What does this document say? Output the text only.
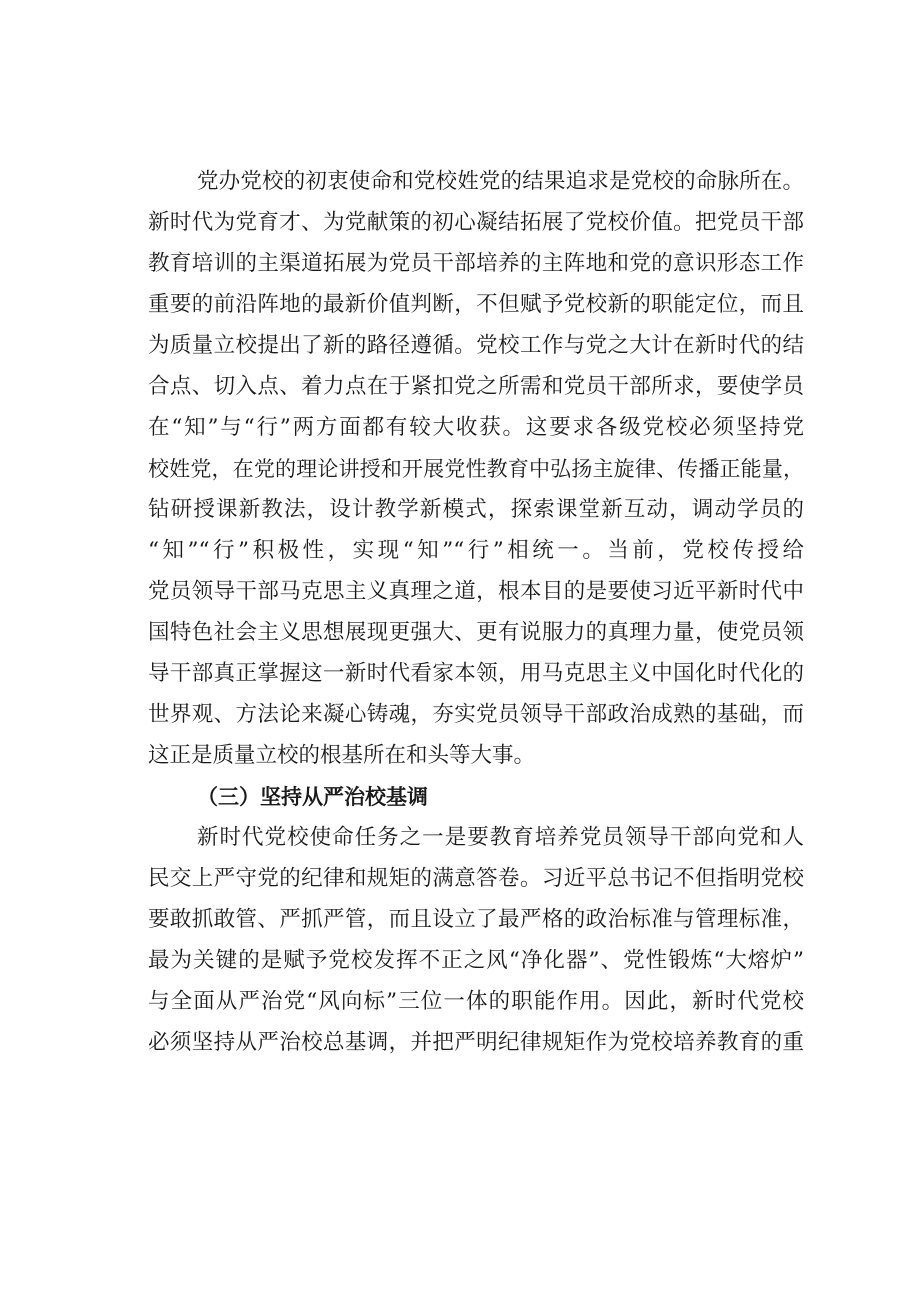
党办党校的初衷使命和党校姓党的结果追求是党校的命脉所在。
新时代为党育才、为党献策的初心凝结拓展了党校价值。把党员干部
教育培训的主渠道拓展为党员干部培养的主阵地和党的意识形态工作
重要的前沿阵地的最新价值判断，不但赋予党校新的职能定位，而且
为质量立校提出了新的路径遵循。党校工作与党之大计在新时代的结
合点、切入点、着力点在于紧扣党之所需和党员干部所求，要使学员
在“知”与“行”两方面都有较大收获。这要求各级党校必须坚持党
校姓党，在党的理论讲授和开展党性教育中弘扬主旋律、传播正能量，
钻研授课新教法，设计教学新模式，探索课堂新互动，调动学员的
“知”“行”积极性，实现“知”“行”相统一。当前，党校传授给
党员领导干部马克思主义真理之道，根本目的是要使习近平新时代中
国特色社会主义思想展现更强大、更有说服力的真理力量，使党员领
导干部真正掌握这一新时代看家本领，用马克思主义中国化时代化的
世界观、方法论来凝心铸魂，夯实党员领导干部政治成熟的基础，而
这正是质量立校的根基所在和头等大事。
（三）坚持从严治校基调
新时代党校使命任务之一是要教育培养党员领导干部向党和人
民交上严守党的纪律和规矩的满意答卷。习近平总书记不但指明党校
要敢抓敢管、严抓严管，而且设立了最严格的政治标准与管理标准，
最为关键的是赋予党校发挥不正之风“净化器”、党性锻炼“大熔炉”
与全面从严治党“风向标”三位一体的职能作用。因此，新时代党校
必须坚持从严治校总基调，并把严明纪律规矩作为党校培养教育的重
